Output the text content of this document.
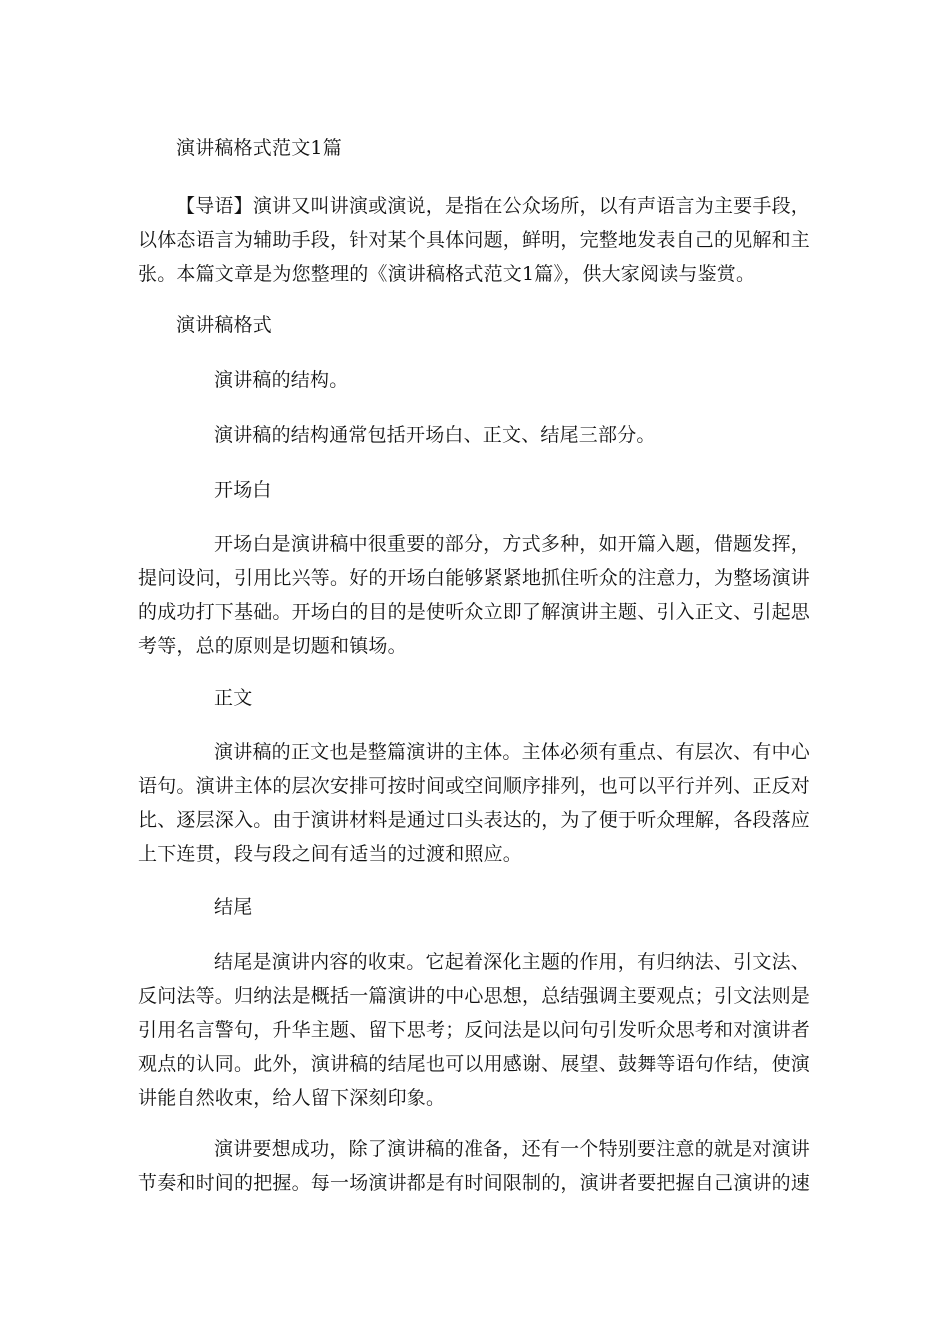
演讲稿格式范文1篇

【导语】演讲又叫讲演或演说，是指在公众场所，以有声语言为主要手段，以体态语言为辅助手段，针对某个具体问题，鲜明，完整地发表自己的见解和主张。本篇文章是为您整理的《演讲稿格式范文1篇》，供大家阅读与鉴赏。

演讲稿格式

演讲稿的结构。

演讲稿的结构通常包括开场白、正文、结尾三部分。

开场白

开场白是演讲稿中很重要的部分，方式多种，如开篇入题，借题发挥，提问设问，引用比兴等。好的开场白能够紧紧地抓住听众的注意力，为整场演讲的成功打下基础。开场白的目的是使听众立即了解演讲主题、引入正文、引起思考等，总的原则是切题和镇场。

正文

演讲稿的正文也是整篇演讲的主体。主体必须有重点、有层次、有中心语句。演讲主体的层次安排可按时间或空间顺序排列，也可以平行并列、正反对比、逐层深入。由于演讲材料是通过口头表达的，为了便于听众理解，各段落应上下连贯，段与段之间有适当的过渡和照应。

结尾

结尾是演讲内容的收束。它起着深化主题的作用，有归纳法、引文法、反问法等。归纳法是概括一篇演讲的中心思想，总结强调主要观点；引文法则是引用名言警句，升华主题、留下思考；反问法是以问句引发听众思考和对演讲者观点的认同。此外，演讲稿的结尾也可以用感谢、展望、鼓舞等语句作结，使演讲能自然收束，给人留下深刻印象。

演讲要想成功，除了演讲稿的准备，还有一个特别要注意的就是对演讲节奏和时间的把握。每一场演讲都是有时间限制的，演讲者要把握自己演讲的速
